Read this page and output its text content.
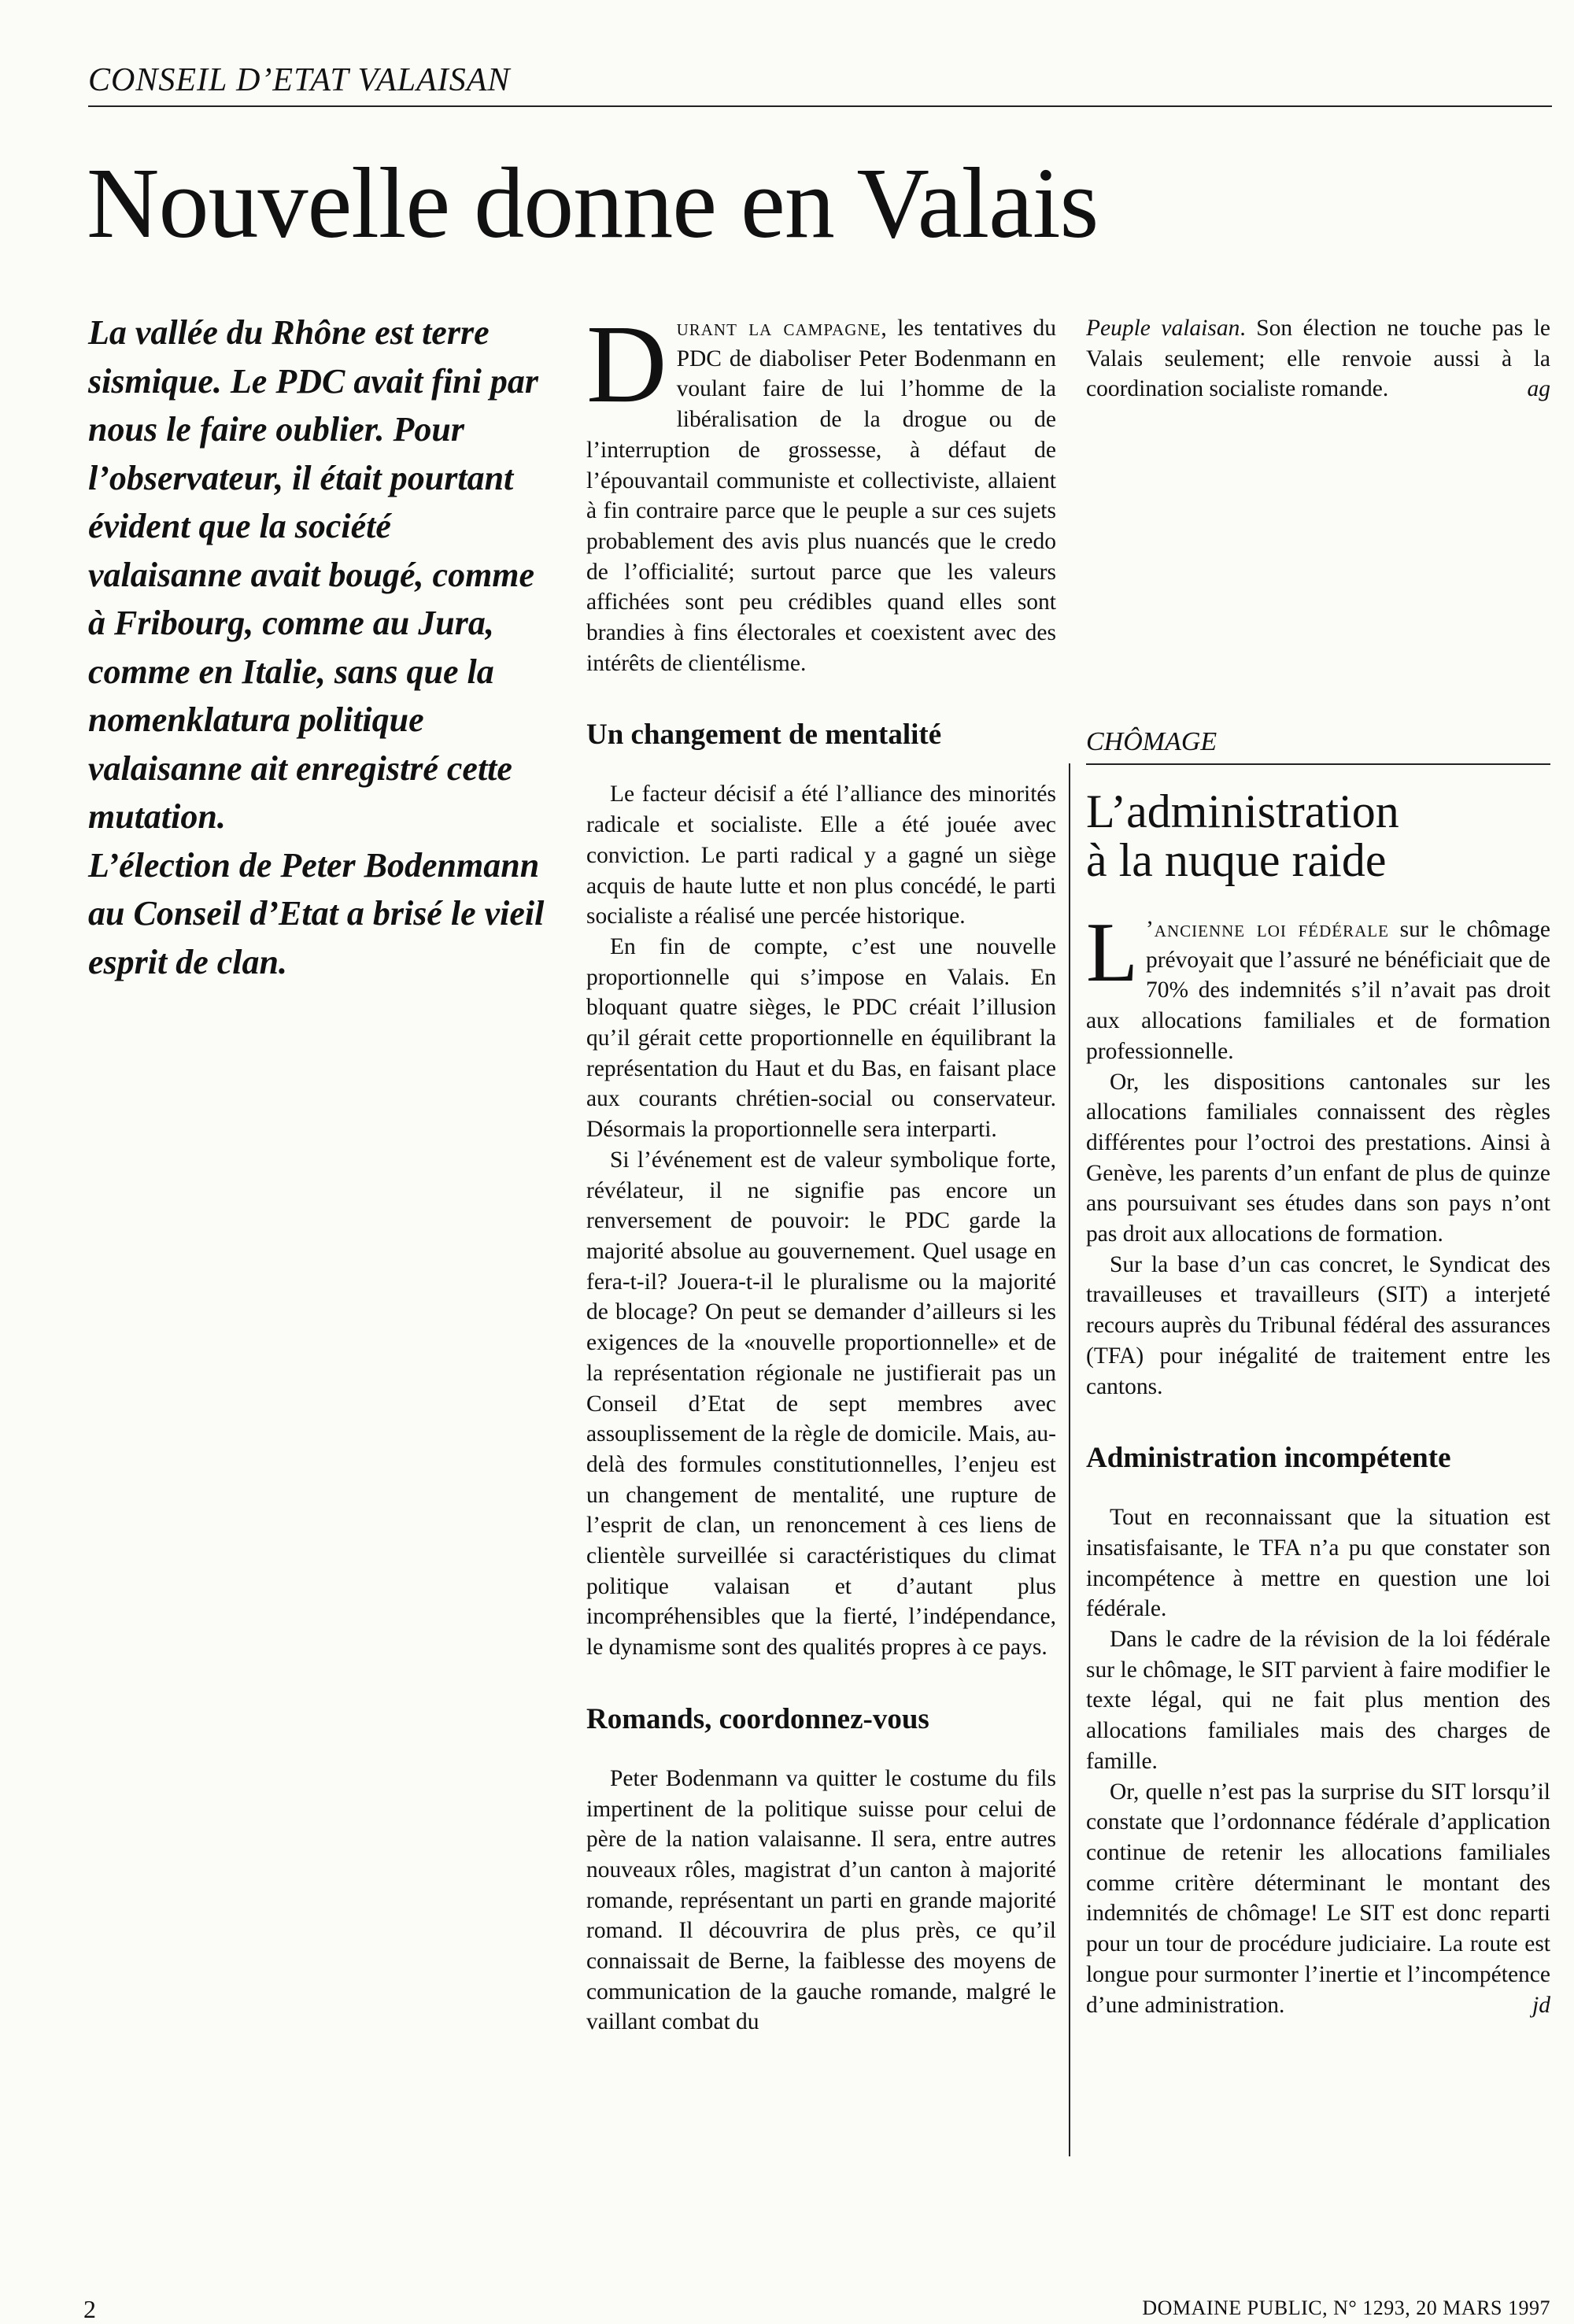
CONSEIL D’ETAT VALAISAN
Nouvelle donne en Valais

La vallée du Rhône est terre sismique. Le PDC avait fini par nous le faire oublier. Pour l’observateur, il était pourtant évident que la société valaisanne avait bougé, comme à Fribourg, comme au Jura, comme en Italie, sans que la nomenklatura politique valaisanne ait enregistré cette mutation.

L’élection de Peter Bodenmann au Conseil d’Etat a brisé le vieil esprit de clan.

Durant la campagne, les tentatives du PDC de diaboliser Peter Bodenmann en voulant faire de lui l’homme de la libéralisation de la drogue ou de l’interruption de grossesse, à défaut de l’épouvantail communiste et collectiviste, allaient à fin contraire parce que le peuple a sur ces sujets probablement des avis plus nuancés que le credo de l’officialité; surtout parce que les valeurs affichées sont peu crédibles quand elles sont brandies à fins électorales et coexistent avec des intérêts de clientélisme.

Un changement de mentalité

Le facteur décisif a été l’alliance des minorités radicale et socialiste. Elle a été jouée avec conviction. Le parti radical y a gagné un siège acquis de haute lutte et non plus concédé, le parti socialiste a réalisé une percée historique.

En fin de compte, c’est une nouvelle proportionnelle qui s’impose en Valais. En bloquant quatre sièges, le PDC créait l’illusion qu’il gérait cette proportionnelle en équilibrant la représentation du Haut et du Bas, en faisant place aux courants chrétien-social ou conservateur. Désormais la proportionnelle sera interparti.

Si l’événement est de valeur symbolique forte, révélateur, il ne signifie pas encore un renversement de pouvoir: le PDC garde la majorité absolue au gouvernement. Quel usage en fera-t-il? Jouera-t-il le pluralisme ou la majorité de blocage? On peut se demander d’ailleurs si les exigences de la «nouvelle proportionnelle» et de la représentation régionale ne justifierait pas un Conseil d’Etat de sept membres avec assouplissement de la règle de domicile. Mais, au-delà des formules constitutionnelles, l’enjeu est un changement de mentalité, une rupture de l’esprit de clan, un renoncement à ces liens de clientèle surveillée si caractéristiques du climat politique valaisan et d’autant plus incompréhensibles que la fierté, l’indépendance, le dynamisme sont des qualités propres à ce pays.

Romands, coordonnez-vous

Peter Bodenmann va quitter le costume du fils impertinent de la politique suisse pour celui de père de la nation valaisanne. Il sera, entre autres nouveaux rôles, magistrat d’un canton à majorité romande, représentant un parti en grande majorité romand. Il découvrira de plus près, ce qu’il connaissait de Berne, la faiblesse des moyens de communication de la gauche romande, malgré le vaillant combat du

Peuple valaisan. Son élection ne touche pas le Valais seulement; elle renvoie aussi à la coordination socialiste romande.	ag

CHÔMAGE
L’administration
à la nuque raide

L ’ancienne loi fédérale sur le chômage prévoyait que l’assuré ne bénéficiait que de 70% des indemnités s’il n’avait pas droit aux allocations familiales et de formation professionnelle.

Or, les dispositions cantonales sur les allocations familiales connaissent des règles différentes pour l’octroi des prestations. Ainsi à Genève, les parents d’un enfant de plus de quinze ans poursuivant ses études dans son pays n’ont pas droit aux allocations de formation.

Sur la base d’un cas concret, le Syndicat des travailleuses et travailleurs (SIT) a interjeté recours auprès du Tribunal fédéral des assurances (TFA) pour inégalité de traitement entre les cantons.

Administration incompétente

Tout en reconnaissant que la situation est insatisfaisante, le TFA n’a pu que constater son incompétence à mettre en question une loi fédérale.

Dans le cadre de la révision de la loi fédérale sur le chômage, le SIT parvient à faire modifier le texte légal, qui ne fait plus mention des allocations familiales mais des charges de famille.

Or, quelle n’est pas la surprise du SIT lorsqu’il constate que l’ordonnance fédérale d’application continue de retenir les allocations familiales comme critère déterminant le montant des indemnités de chômage! Le SIT est donc reparti pour un tour de procédure judiciaire. La route est longue pour surmonter l’inertie et l’incompétence d’une administration.	jd

2	DOMAINE PUBLIC, N° 1293, 20 MARS 1997
